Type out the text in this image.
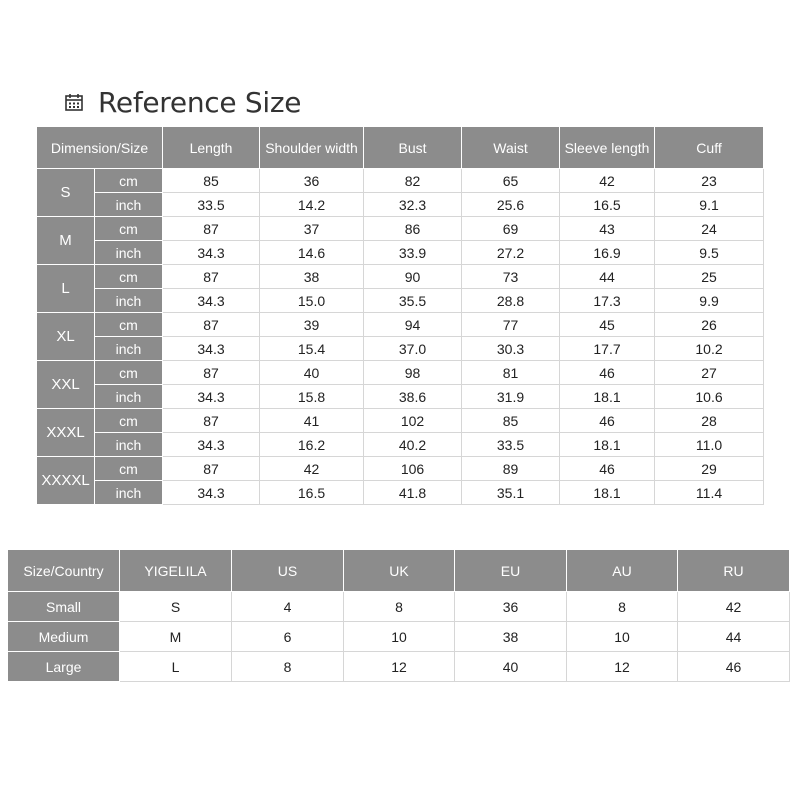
Reference Size
Dimension/Size		Length	Shoulder width	Bust	Waist	Sleeve length	Cuff
S	cm	85	36	82	65	42	23
	inch	33.5	14.2	32.3	25.6	16.5	9.1
M	cm	87	37	86	69	43	24
	inch	34.3	14.6	33.9	27.2	16.9	9.5
L	cm	87	38	90	73	44	25
	inch	34.3	15.0	35.5	28.8	17.3	9.9
XL	cm	87	39	94	77	45	26
	inch	34.3	15.4	37.0	30.3	17.7	10.2
XXL	cm	87	40	98	81	46	27
	inch	34.3	15.8	38.6	31.9	18.1	10.6
XXXL	cm	87	41	102	85	46	28
	inch	34.3	16.2	40.2	33.5	18.1	11.0
XXXXL	cm	87	42	106	89	46	29
	inch	34.3	16.5	41.8	35.1	18.1	11.4
Size/Country	YIGELILA	US	UK	EU	AU	RU
Small	S	4	8	36	8	42
Medium	M	6	10	38	10	44
Large	L	8	12	40	12	46
